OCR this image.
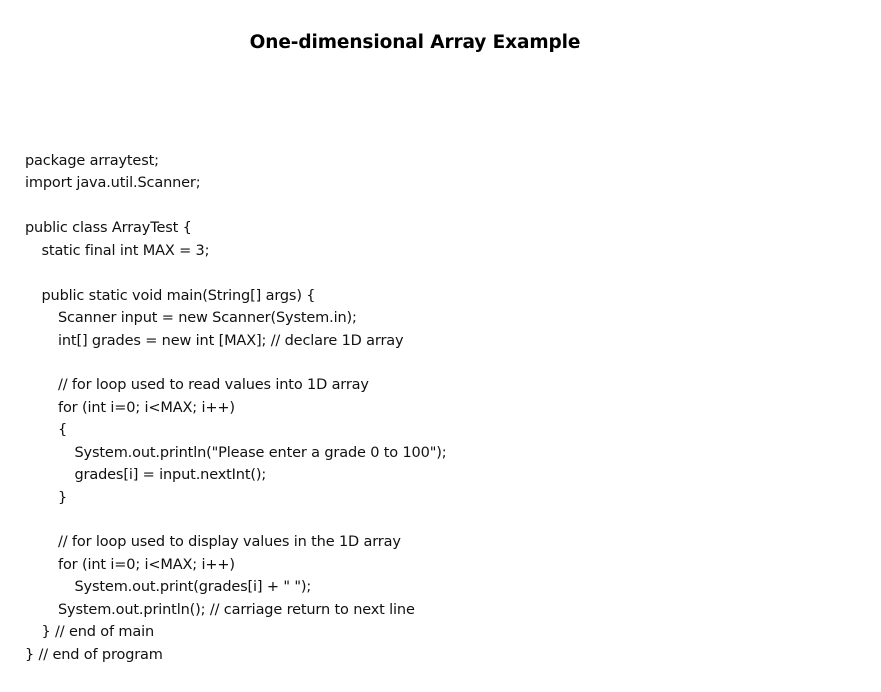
One-dimensional Array Example
package arraytest;
import java.util.Scanner;
public class ArrayTest {
static final int MAX = 3;
public static void main(String[] args) {
Scanner input = new Scanner(System.in);
int[] grades = new int [MAX]; // declare 1D array
// for loop used to read values into 1D array
for (int i=0; i<MAX; i++)
{
System.out.println("Please enter a grade 0 to 100");
grades[i] = input.nextInt();
}
// for loop used to display values in the 1D array
for (int i=0; i<MAX; i++)
System.out.print(grades[i] + " ");
System.out.println(); // carriage return to next line
} // end of main
} // end of program
